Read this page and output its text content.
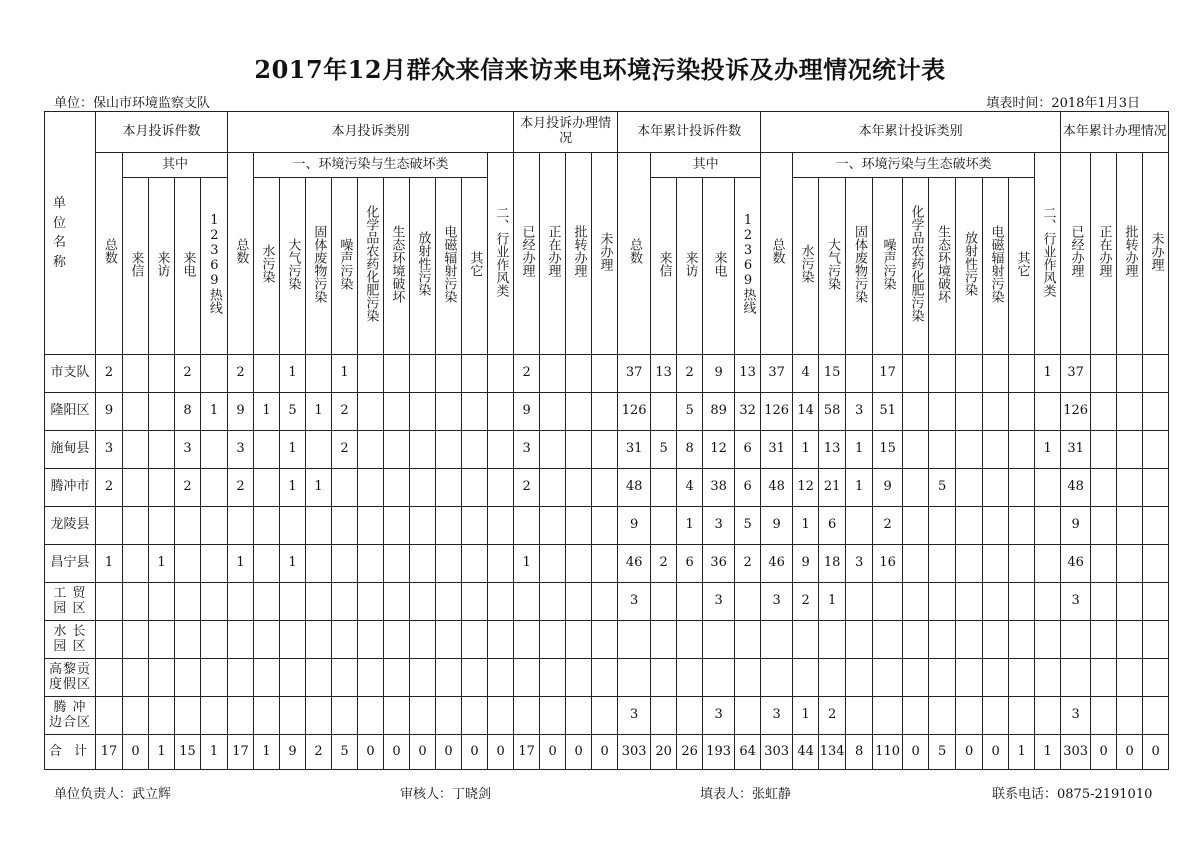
2017年12月群众来信来访来电环境污染投诉及办理情况统计表
单位：保山市环境监察支队	填表时间：2018年1月3日
单 位 名 称	本月投诉件数					本月投诉类别											本月投诉办理情况				本年累计投诉件数					本年累计投诉类别											本年累计办理情况			
	总数	其中				总数	一、环境污染与生态破坏类									二、行业作风类	已经办理	正在办理	批转办理	未办理	总数	其中				总数	一、环境污染与生态破坏类									二、行业作风类	已经办理	正在办理	批转办理	未办理
		来信	来访	来电	12369热线		水污染	大气污染	固体废物污染	噪声污染	化学品农药化肥污染	生态环境破坏	放射性污染	电磁辐射污染	其它							来信	来访	来电	12369热线		水污染	大气污染	固体废物污染	噪声污染	化学品农药化肥污染	生态环境破坏	放射性污染	电磁辐射污染	其它					
市支队	2			2		2		1		1							2				37	13	2	9	13	37	4	15		17						1	37			
隆阳区	9			8	1	9	1	5	1	2							9				126		5	89	32	126	14	58	3	51							126			
施甸县	3			3		3		1		2							3				31	5	8	12	6	31	1	13	1	15						1	31			
腾冲市	2			2		2		1	1								2				48		4	38	6	48	12	21	1	9		5					48			
龙陵县																					9		1	3	5	9	1	6		2							9			
昌宁县	1		1			1		1									1				46	2	6	36	2	46	9	18	3	16							46			
工 贸 园 区																					3			3		3	2	1									3			
水 长 园 区																																								
高黎贡度假区																																								
腾 冲 边合区																					3			3		3	1	2									3			
合 计	17	0	1	15	1	17	1	9	2	5	0	0	0	0	0	0	17	0	0	0	303	20	26	193	64	303	44	134	8	110	0	5	0	0	1	1	303	0	0	0
单位负责人：武立辉	审核人：丁晓剑	填表人：张虹静	联系电话：0875-2191010
